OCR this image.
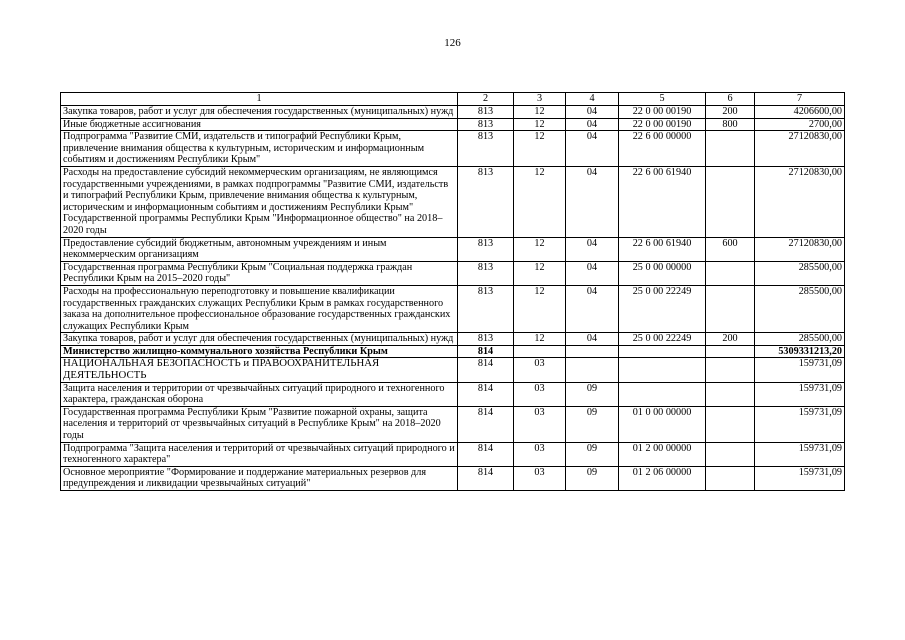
126
1	2	3	4	5	6	7
Закупка товаров, работ и услуг для обеспечения государственных (муниципальных) нужд	813	12	04	22 0 00 00190	200	4206600,00
Иные бюджетные ассигнования	813	12	04	22 0 00 00190	800	2700,00
Подпрограмма "Развитие СМИ, издательств и типографий Республики Крым, привлечение внимания общества к культурным, историческим и информационным событиям и достижениям Республики Крым"	813	12	04	22 6 00 00000		27120830,00
Расходы на предоставление субсидий некоммерческим организациям, не являющимся государственными учреждениями, в рамках подпрограммы "Развитие СМИ, издательств и типографий Республики Крым, привлечение внимания общества к культурным, историческим и информационным событиям и достижениям Республики Крым" Государственной программы Республики Крым "Информационное общество" на 2018–2020 годы	813	12	04	22 6 00 61940		27120830,00
Предоставление субсидий бюджетным, автономным учреждениям и иным некоммерческим организациям	813	12	04	22 6 00 61940	600	27120830,00
Государственная программа Республики Крым "Социальная поддержка граждан Республики Крым на 2015–2020 годы"	813	12	04	25 0 00 00000		285500,00
Расходы на профессиональную переподготовку и повышение квалификации государственных гражданских служащих Республики Крым в рамках государственного заказа на дополнительное профессиональное образование государственных гражданских служащих Республики Крым	813	12	04	25 0 00 22249		285500,00
Закупка товаров, работ и услуг для обеспечения государственных (муниципальных) нужд	813	12	04	25 0 00 22249	200	285500,00
Министерство жилищно-коммунального хозяйства Республики Крым	814					5309331213,20
НАЦИОНАЛЬНАЯ БЕЗОПАСНОСТЬ и ПРАВООХРАНИТЕЛЬНАЯ ДЕЯТЕЛЬНОСТЬ	814	03				159731,09
Защита населения и территории от чрезвычайных ситуаций природного и техногенного характера, гражданская оборона	814	03	09			159731,09
Государственная программа Республики Крым "Развитие пожарной охраны, защита населения и территорий от чрезвычайных ситуаций в Республике Крым" на 2018–2020 годы	814	03	09	01 0 00 00000		159731,09
Подпрограмма "Защита населения и территорий от чрезвычайных ситуаций природного и техногенного характера"	814	03	09	01 2 00 00000		159731,09
Основное мероприятие "Формирование и поддержание материальных резервов для предупреждения и ликвидации чрезвычайных ситуаций"	814	03	09	01 2 06 00000		159731,09
